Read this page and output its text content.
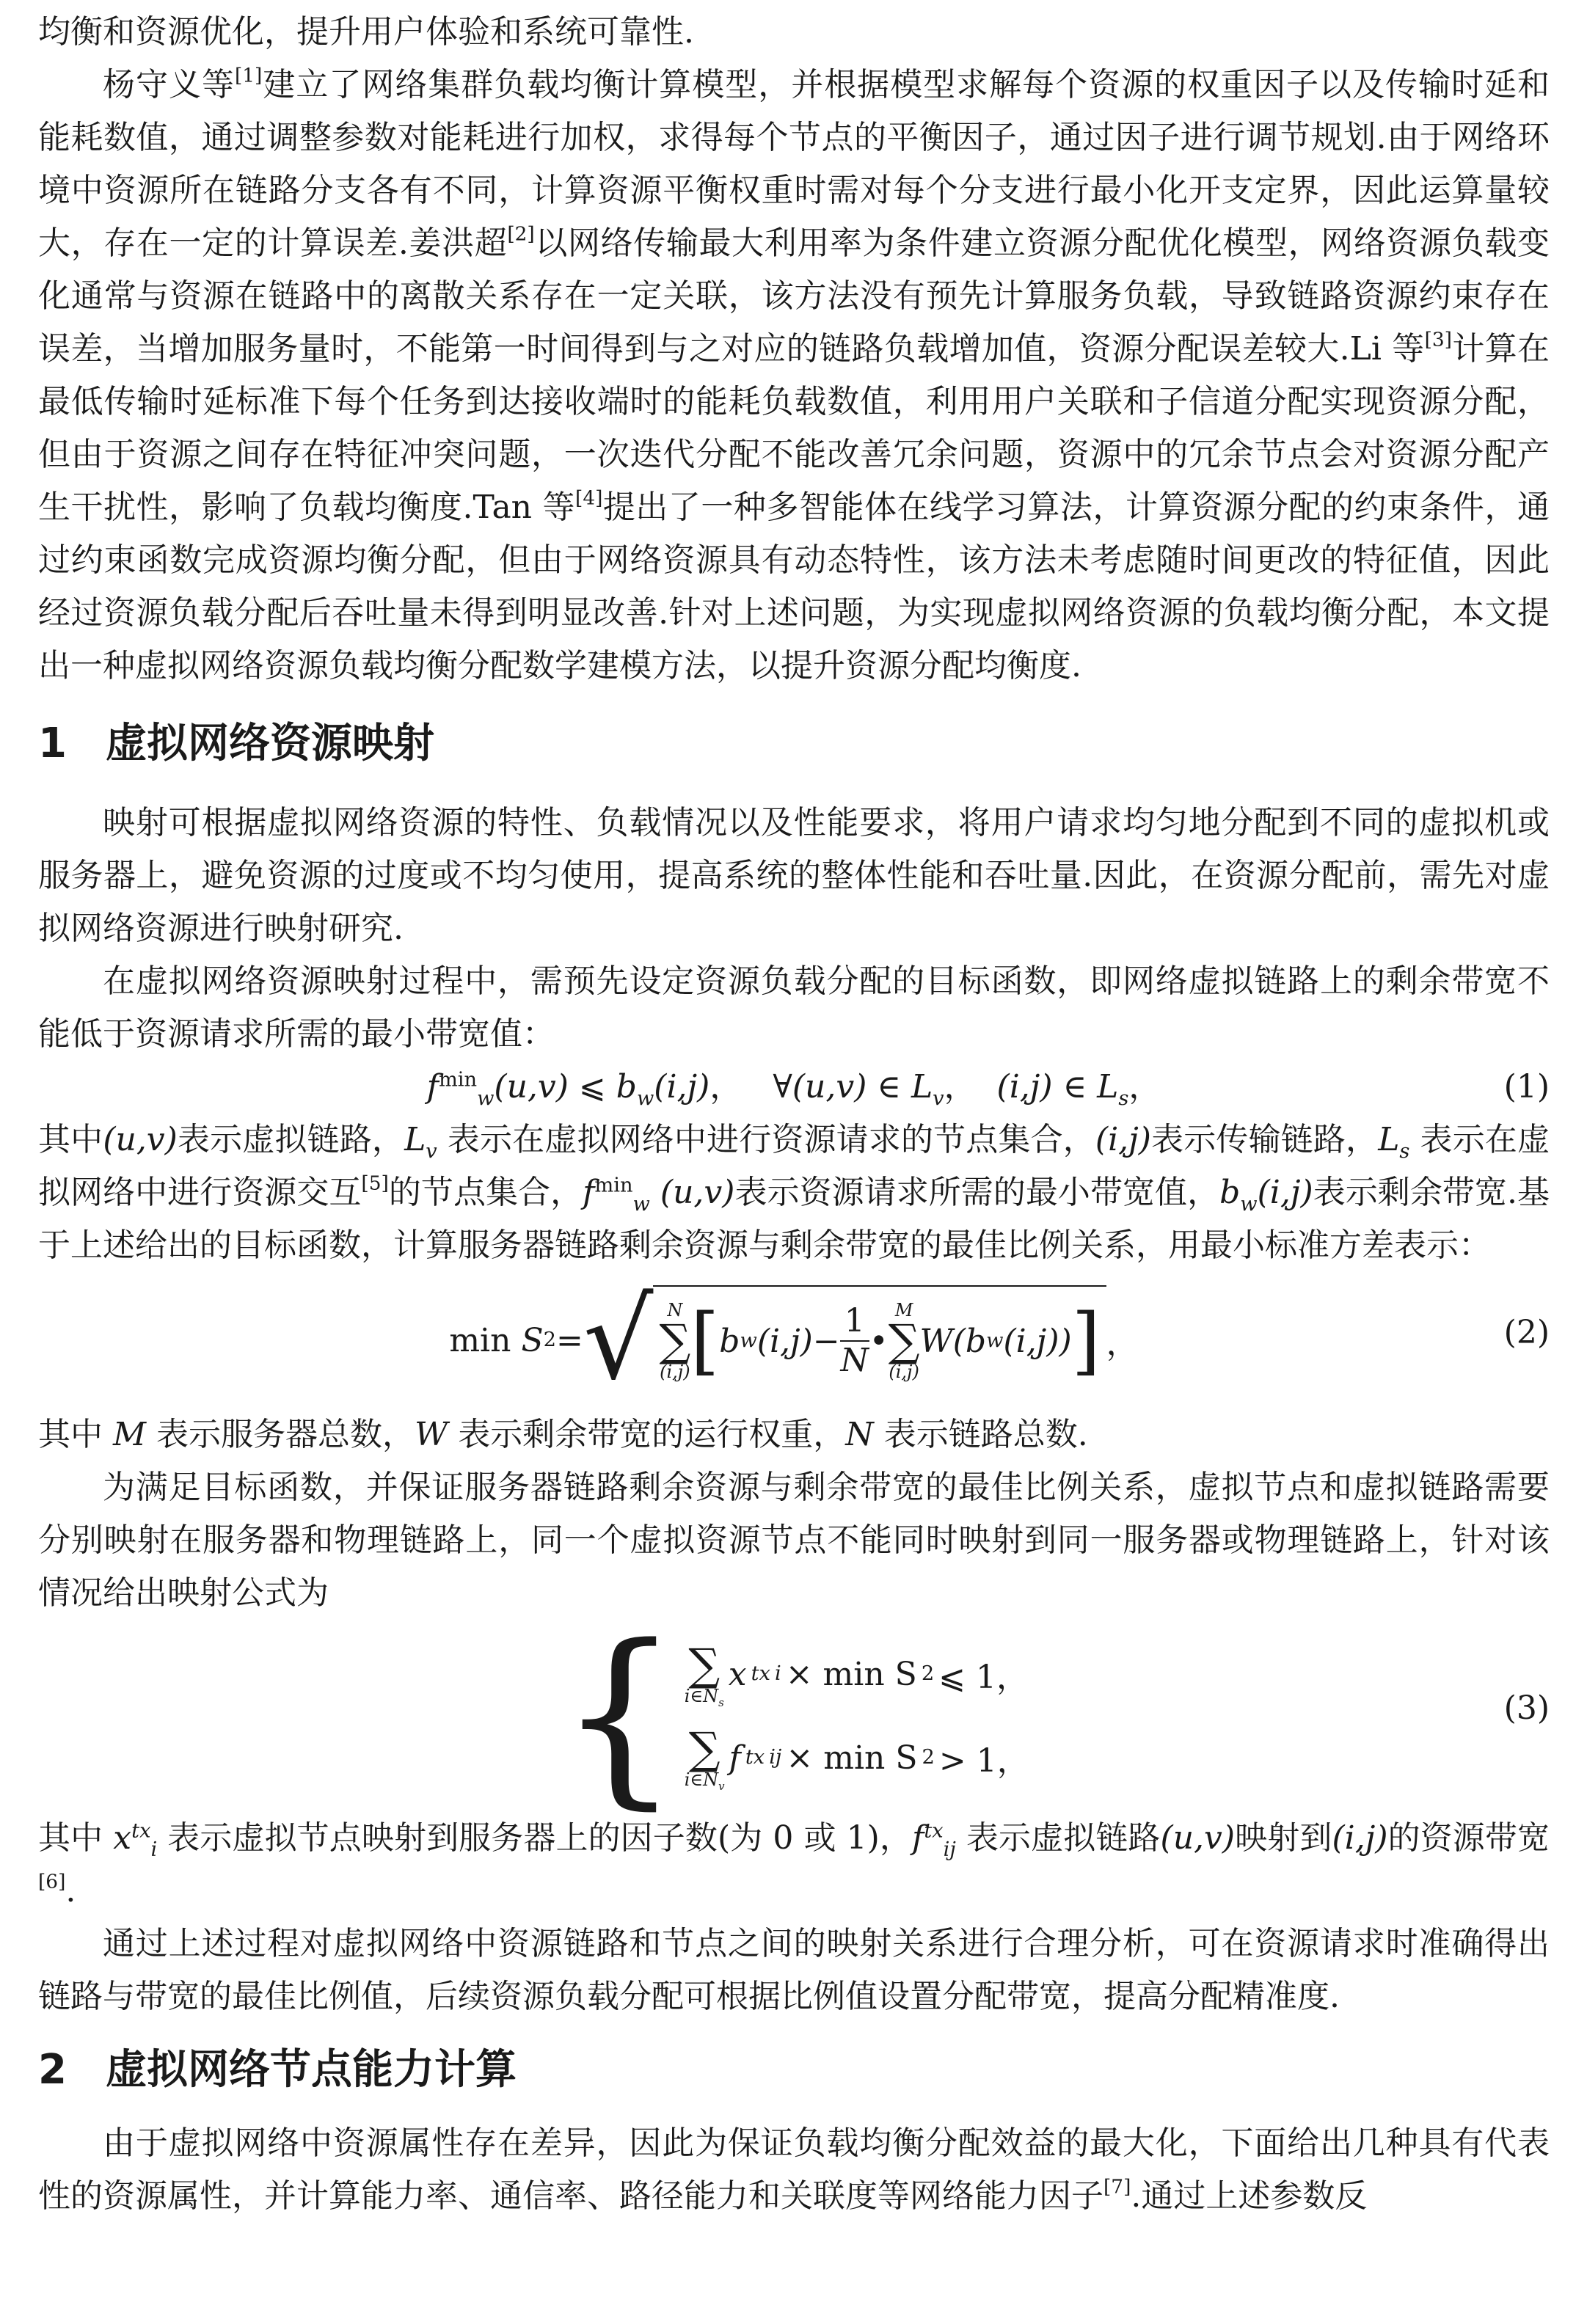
均衡和资源优化，提升用户体验和系统可靠性.

杨守义等[1]建立了网络集群负载均衡计算模型，并根据模型求解每个资源的权重因子以及传输时延和能耗数值，通过调整参数对能耗进行加权，求得每个节点的平衡因子，通过因子进行调节规划.由于网络环境中资源所在链路分支各有不同，计算资源平衡权重时需对每个分支进行最小化开支定界，因此运算量较大，存在一定的计算误差.姜洪超[2]以网络传输最大利用率为条件建立资源分配优化模型，网络资源负载变化通常与资源在链路中的离散关系存在一定关联，该方法没有预先计算服务负载，导致链路资源约束存在误差，当增加服务量时，不能第一时间得到与之对应的链路负载增加值，资源分配误差较大.Li 等[3]计算在最低传输时延标准下每个任务到达接收端时的能耗负载数值，利用用户关联和子信道分配实现资源分配，但由于资源之间存在特征冲突问题，一次迭代分配不能改善冗余问题，资源中的冗余节点会对资源分配产生干扰性，影响了负载均衡度.Tan 等[4]提出了一种多智能体在线学习算法，计算资源分配的约束条件，通过约束函数完成资源均衡分配，但由于网络资源具有动态特性，该方法未考虑随时间更改的特征值，因此经过资源负载分配后吞吐量未得到明显改善.针对上述问题，为实现虚拟网络资源的负载均衡分配，本文提出一种虚拟网络资源负载均衡分配数学建模方法，以提升资源分配均衡度.

1 虚拟网络资源映射

映射可根据虚拟网络资源的特性、负载情况以及性能要求，将用户请求均匀地分配到不同的虚拟机或服务器上，避免资源的过度或不均匀使用，提高系统的整体性能和吞吐量.因此，在资源分配前，需先对虚拟网络资源进行映射研究.

在虚拟网络资源映射过程中，需预先设定资源负载分配的目标函数，即网络虚拟链路上的剩余带宽不能低于资源请求所需的最小带宽值：

$f^{min}_w(u,v)$ ⩽ $b_w(i,j)$， ∀(u,v) ∈ $L_v$， (i,j) ∈ $L_s$，	(1)

其中(u,v)表示虚拟链路，$L_v$ 表示在虚拟网络中进行资源请求的节点集合，(i,j)表示传输链路，$L_s$ 表示在虚拟网络中进行资源交互[5]的节点集合，$f^{min}_w$ (u,v)表示资源请求所需的最小带宽值，$b_w(i,j)$表示剩余带宽.基于上述给出的目标函数，计算服务器链路剩余资源与剩余带宽的最佳比例关系，用最小标准方差表示：

min
S 2 = √ N
∑
(i,j) [ b w $(i,j) - \frac{1}{N}$ •
M
∑
(i,j)
W (b w (i,j)) ] ，	(2)

其中 M 表示服务器总数，W 表示剩余带宽的运行权重，N 表示链路总数.

为满足目标函数，并保证服务器链路剩余资源与剩余带宽的最佳比例关系，虚拟节点和虚拟链路需要分别映射在服务器和物理链路上，同一个虚拟资源节点不能同时映射到同一服务器或物理链路上，针对该情况给出映射公式为

{ ∑
$i\in N_s$
x tx i × min S 2 ⩽ 1，
∑
$i\in N_v$
f tx ij × min S 2 > 1，
(3)

其中 $x^{tx}_i$ 表示虚拟节点映射到服务器上的因子数(为 0 或 1)，$f^{tx}_{ij}$ 表示虚拟链路(u,v)映射到(i,j)的资源带宽[6].

通过上述过程对虚拟网络中资源链路和节点之间的映射关系进行合理分析，可在资源请求时准确得出链路与带宽的最佳比例值，后续资源负载分配可根据比例值设置分配带宽，提高分配精准度.

2 虚拟网络节点能力计算

由于虚拟网络中资源属性存在差异，因此为保证负载均衡分配效益的最大化，下面给出几种具有代表性的资源属性，并计算能力率、通信率、路径能力和关联度等网络能力因子[7].通过上述参数反
